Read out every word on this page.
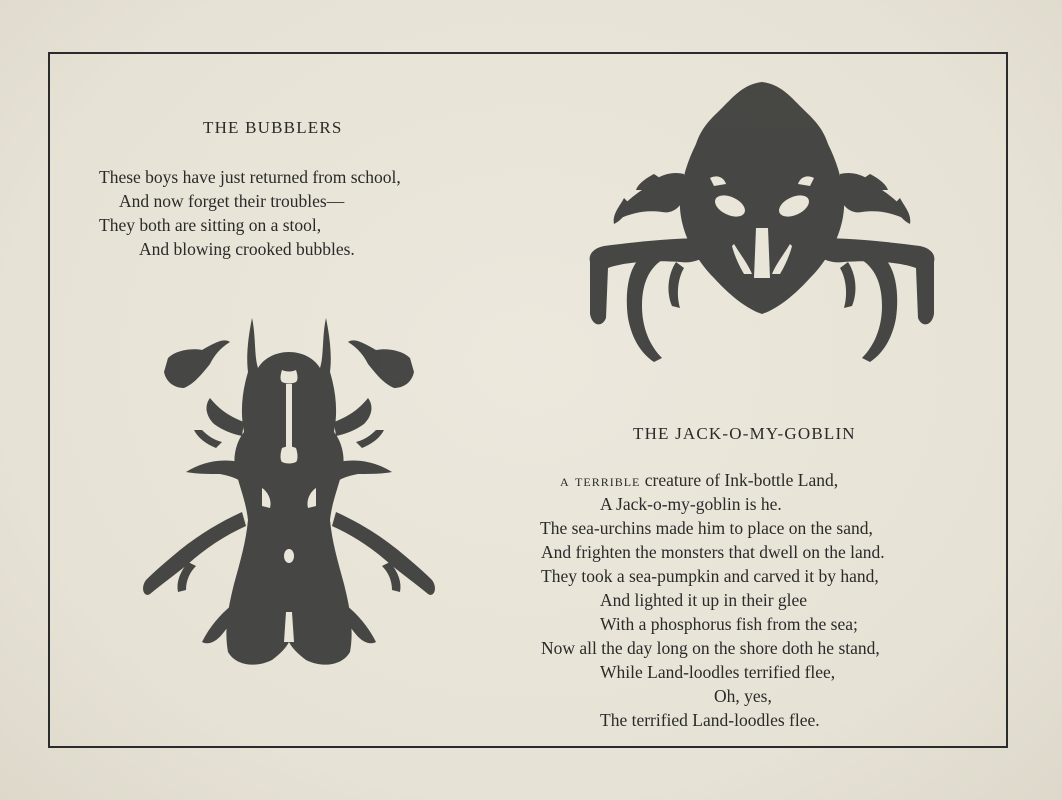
THE BUBBLERS
These boys have just returned from school,
And now forget their troubles—
They both are sitting on a stool,
And blowing crooked bubbles.
THE JACK-O-MY-GOBLIN
a terrible creature of Ink-bottle Land,
A Jack-o-my-goblin is he.
The sea-urchins made him to place on the sand,
And frighten the monsters that dwell on the land.
They took a sea-pumpkin and carved it by hand,
And lighted it up in their glee
With a phosphorus fish from the sea;
Now all the day long on the shore doth he stand,
While Land-loodles terrified flee,
Oh, yes,
The terrified Land-loodles flee.
